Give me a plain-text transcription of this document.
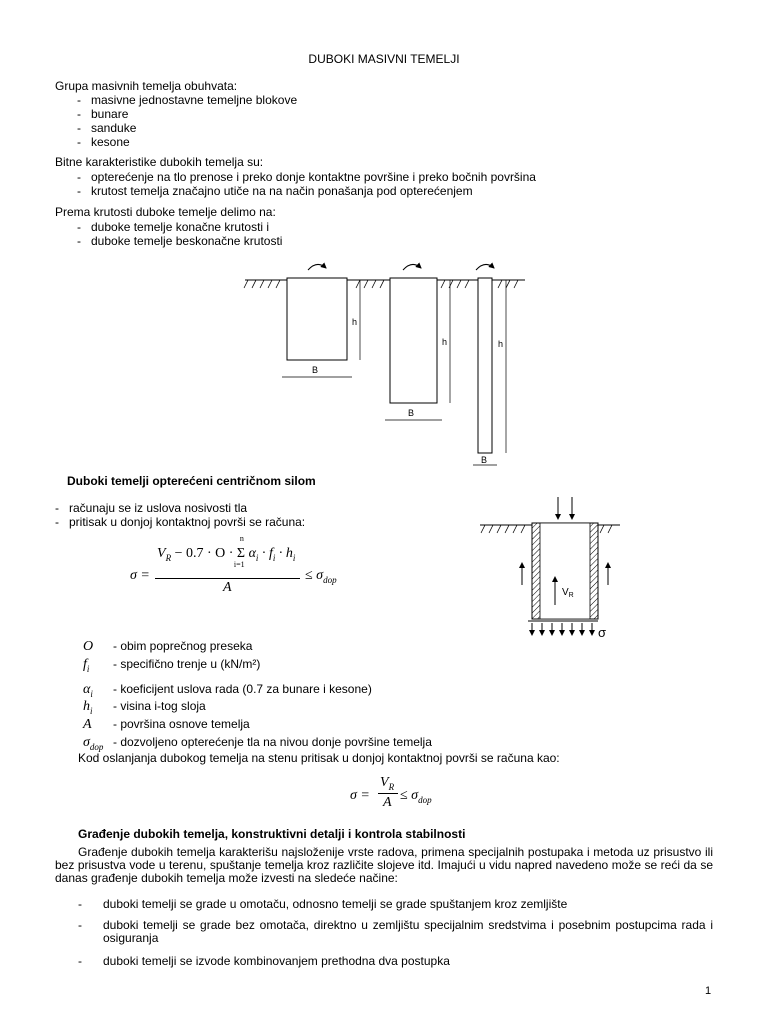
DUBOKI MASIVNI TEMELJI
Grupa masivnih temelja obuhvata:
- masivne jednostavne temeljne blokove
- bunare
- sanduke
- kesone
Bitne karakteristike dubokih temelja su:
- opterećenje na tlo prenose i preko donje kontaktne površine i preko bočnih površina
- krutost temelja značajno utiče na na način ponašanja pod opterećenjem
Prema krutosti duboke temelje delimo na:
- duboke temelje konačne krutosti i
- duboke temelje beskonačne krutosti
h
B
h
B
h
B
Duboki temelji opterećeni centričnom silom
- računaju se iz uslova nosivosti tla
- pritisak u donjoj kontaktnoj površi se računa:
σ =
$V_R - 0.7 \cdot O$ ·
n
Σ
i=1
$\alpha_i \cdot f_i \cdot h_i$
A
≤ $\sigma_{dop}$
$V_R$
σ
O - obim poprečnog preseka
$f_i$ - specifično trenje u (kN/m²)
$\alpha_i$ - koeficijent uslova rada (0.7 za bunare i kesone)
$h_i$ - visina i-tog sloja
A - površina osnove temelja
$\sigma_{dop}$ - dozvoljeno opterećenje tla na nivou donje površine temelja
Kod oslanjanja dubokog temelja na stenu pritisak u donjoj kontaktnoj površi se računa kao:
σ =
$V_R$
$A \le \sigma_{dop}$
Građenje dubokih temelja, konstruktivni detalji i kontrola stabilnosti
Građenje dubokih temelja karakterišu najsloženije vrste radova, primena specijalnih postupaka i metoda uz prisustvo ili bez prisustva vode u terenu, spuštanje temelja kroz različite slojeve itd. Imajući u vidu napred navedeno može se reći da se danas građenje dubokih temelja može izvesti na sledeće načine:
- duboki temelji se grade u omotaču, odnosno temelji se grade spuštanjem kroz zemljište
- duboki temelji se grade bez omotača, direktno u zemljištu specijalnim sredstvima i posebnim postupcima rada i osiguranja
- duboki temelji se izvode kombinovanjem prethodna dva postupka
1
